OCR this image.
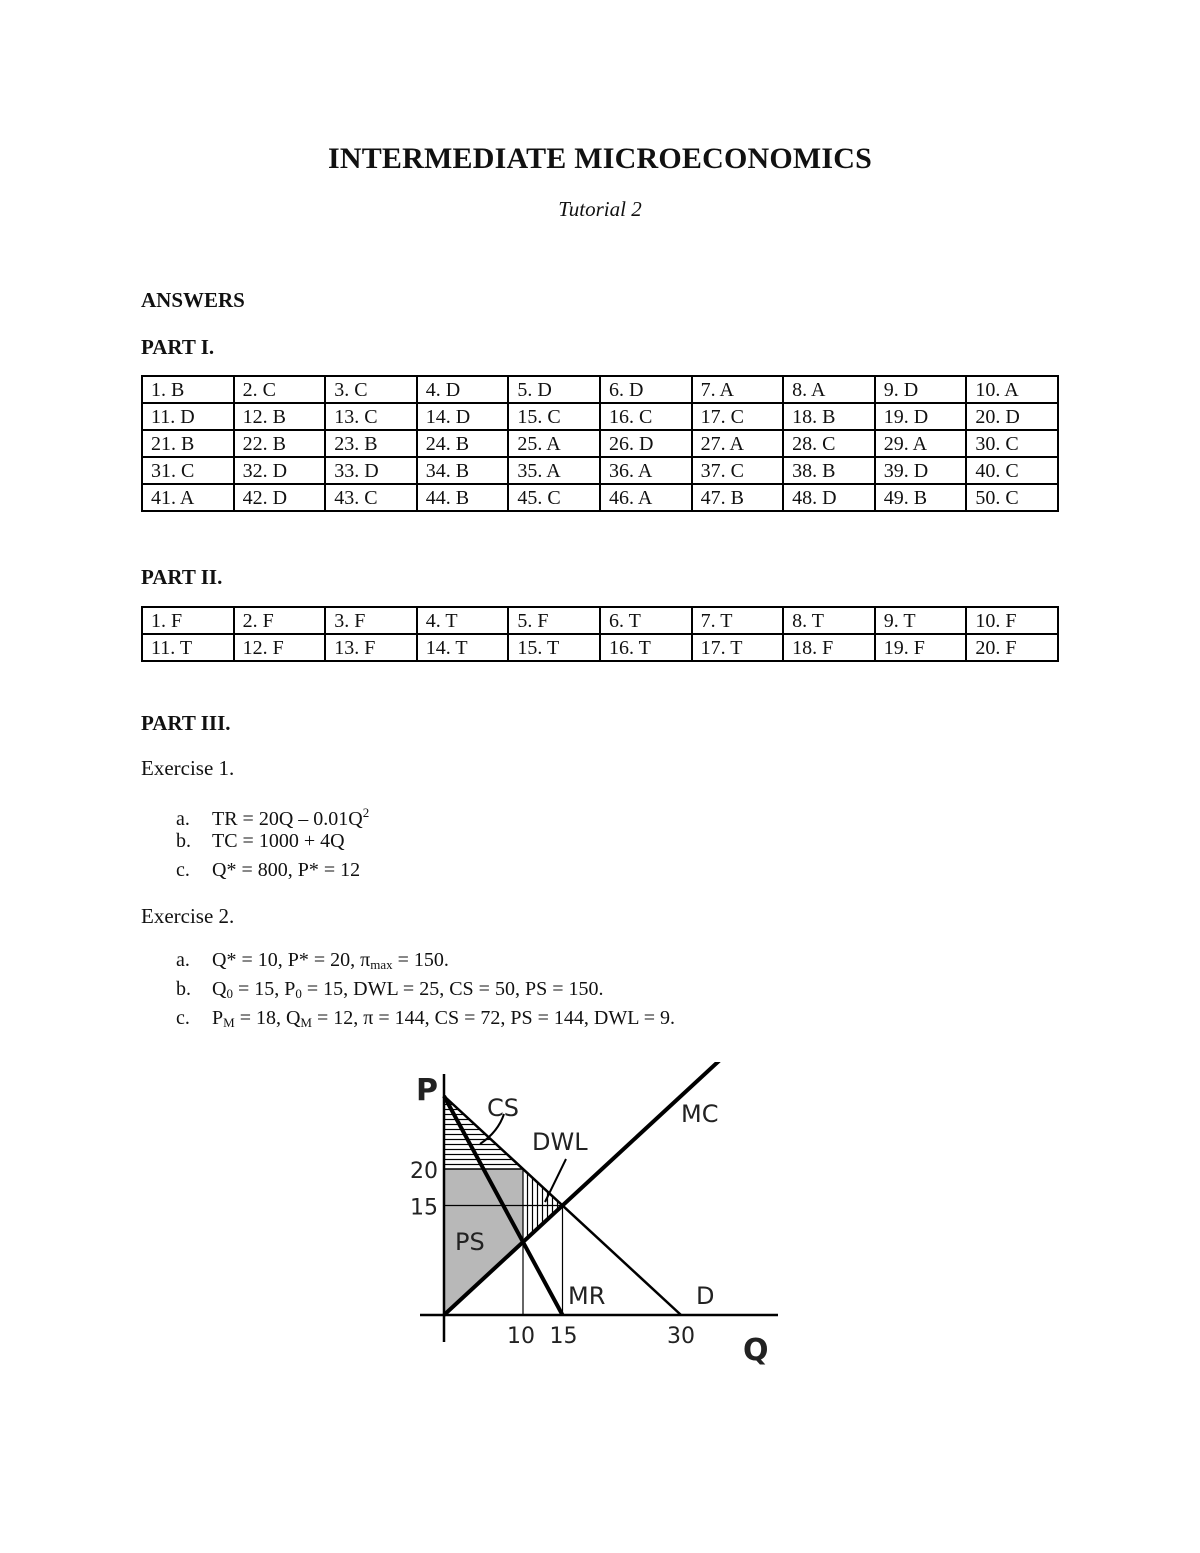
INTERMEDIATE MICROECONOMICS
Tutorial 2
ANSWERS
PART I.
1. B	2. C	3. C	4. D	5. D	6. D	7. A	8. A	9. D	10. A
11. D	12. B	13. C	14. D	15. C	16. C	17. C	18. B	19. D	20. D
21. B	22. B	23. B	24. B	25. A	26. D	27. A	28. C	29. A	30. C
31. C	32. D	33. D	34. B	35. A	36. A	37. C	38. B	39. D	40. C
41. A	42. D	43. C	44. B	45. C	46. A	47. B	48. D	49. B	50. C
PART II.
1. F	2. F	3. F	4. T	5. F	6. T	7. T	8. T	9. T	10. F
11. T	12. F	13. F	14. T	15. T	16. T	17. T	18. F	19. F	20. F
PART III.
Exercise 1.
a. TR = $20Q - 0.01Q^2$
b. TC = 1000 + 4Q
c. Q* = 800, P* = 12
Exercise 2.
a. Q* = 10, P* = 20, $\pi_{max} = 150$.
b. $Q_0 = 15$, $P_0 = 15$, DWL = 25, CS = 50, PS = 150.
c. $P_M = 18$, $Q_M = 12$, π = 144, CS = 72, PS = 144, DWL = 9.
P
Q
20
15
10 15	30
MC
MR	D
CS
DWL
PS
